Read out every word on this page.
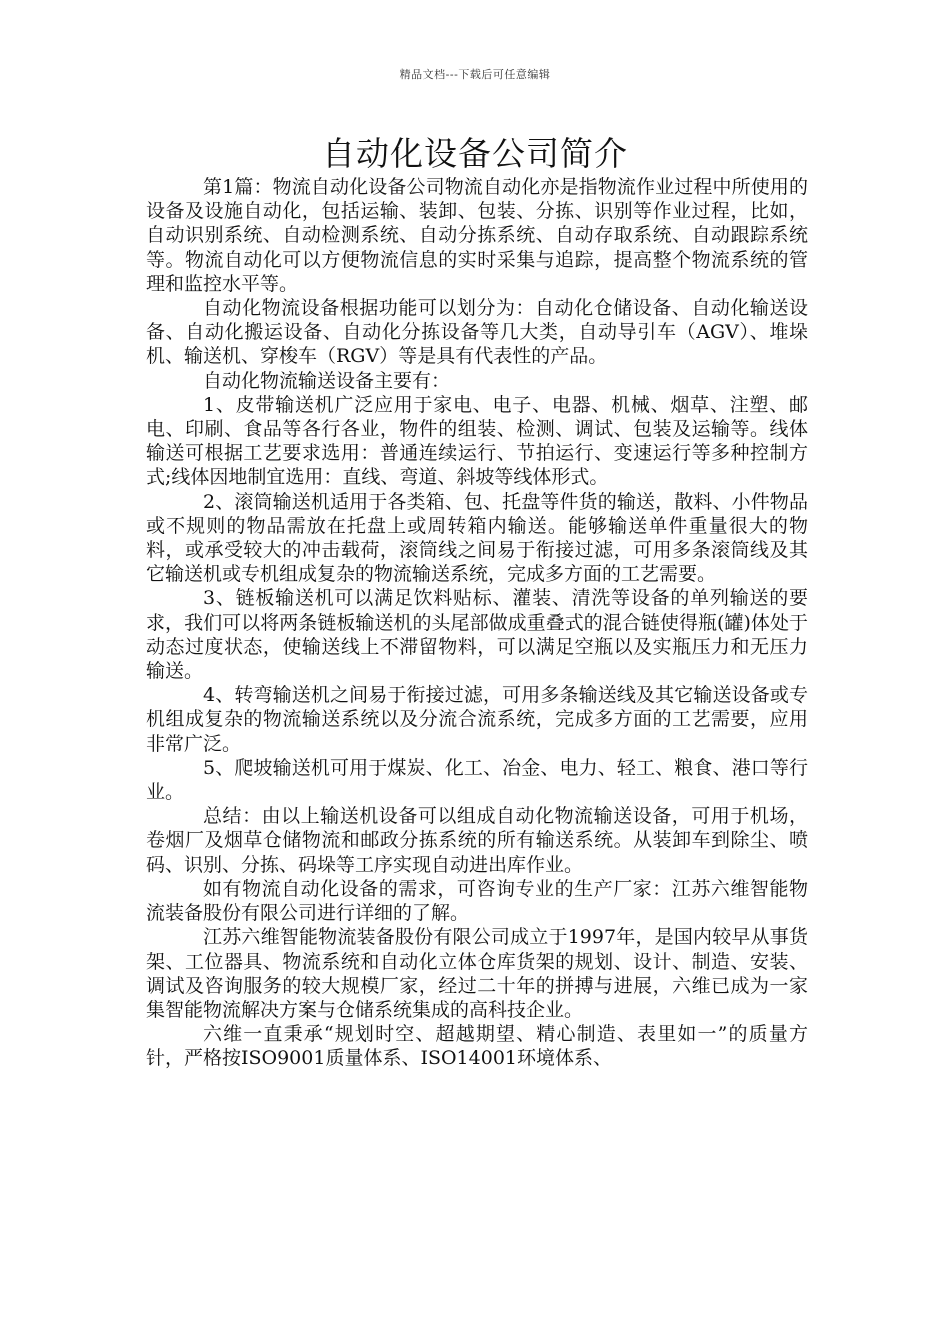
精品文档---下载后可任意编辑
自动化设备公司简介

第1篇：物流自动化设备公司物流自动化亦是指物流作业过程中所使用的设备及设施自动化，包括运输、装卸、包装、分拣、识别等作业过程，比如，自动识别系统、自动检测系统、自动分拣系统、自动存取系统、自动跟踪系统等。物流自动化可以方便物流信息的实时采集与追踪，提高整个物流系统的管理和监控水平等。

自动化物流设备根据功能可以划分为：自动化仓储设备、自动化输送设备、自动化搬运设备、自动化分拣设备等几大类，自动导引车（AGV）、堆垛机、输送机、穿梭车（RGV）等是具有代表性的产品。

自动化物流输送设备主要有：

1、皮带输送机广泛应用于家电、电子、电器、机械、烟草、注塑、邮电、印刷、食品等各行各业，物件的组装、检测、调试、包装及运输等。线体输送可根据工艺要求选用：普通连续运行、节拍运行、变速运行等多种控制方式;线体因地制宜选用：直线、弯道、斜坡等线体形式。

2、滚筒输送机适用于各类箱、包、托盘等件货的输送，散料、小件物品或不规则的物品需放在托盘上或周转箱内输送。能够输送单件重量很大的物料，或承受较大的冲击载荷，滚筒线之间易于衔接过滤，可用多条滚筒线及其它输送机或专机组成复杂的物流输送系统，完成多方面的工艺需要。

3、链板输送机可以满足饮料贴标、灌装、清洗等设备的单列输送的要求，我们可以将两条链板输送机的头尾部做成重叠式的混合链使得瓶(罐)体处于动态过度状态，使输送线上不滞留物料，可以满足空瓶以及实瓶压力和无压力输送。

4、转弯输送机之间易于衔接过滤，可用多条输送线及其它输送设备或专机组成复杂的物流输送系统以及分流合流系统，完成多方面的工艺需要，应用非常广泛。

5、爬坡输送机可用于煤炭、化工、冶金、电力、轻工、粮食、港口等行业。

总结：由以上输送机设备可以组成自动化物流输送设备，可用于机场，卷烟厂及烟草仓储物流和邮政分拣系统的所有输送系统。从装卸车到除尘、喷码、识别、分拣、码垛等工序实现自动进出库作业。

如有物流自动化设备的需求，可咨询专业的生产厂家：江苏六维智能物流装备股份有限公司进行详细的了解。

江苏六维智能物流装备股份有限公司成立于1997年，是国内较早从事货架、工位器具、物流系统和自动化立体仓库货架的规划、设计、制造、安装、调试及咨询服务的较大规模厂家，经过二十年的拼搏与进展，六维已成为一家集智能物流解决方案与仓储系统集成的高科技企业。

六维一直秉承“规划时空、超越期望、精心制造、表里如一”的质量方针，严格按ISO9001质量体系、ISO14001环境体系、
